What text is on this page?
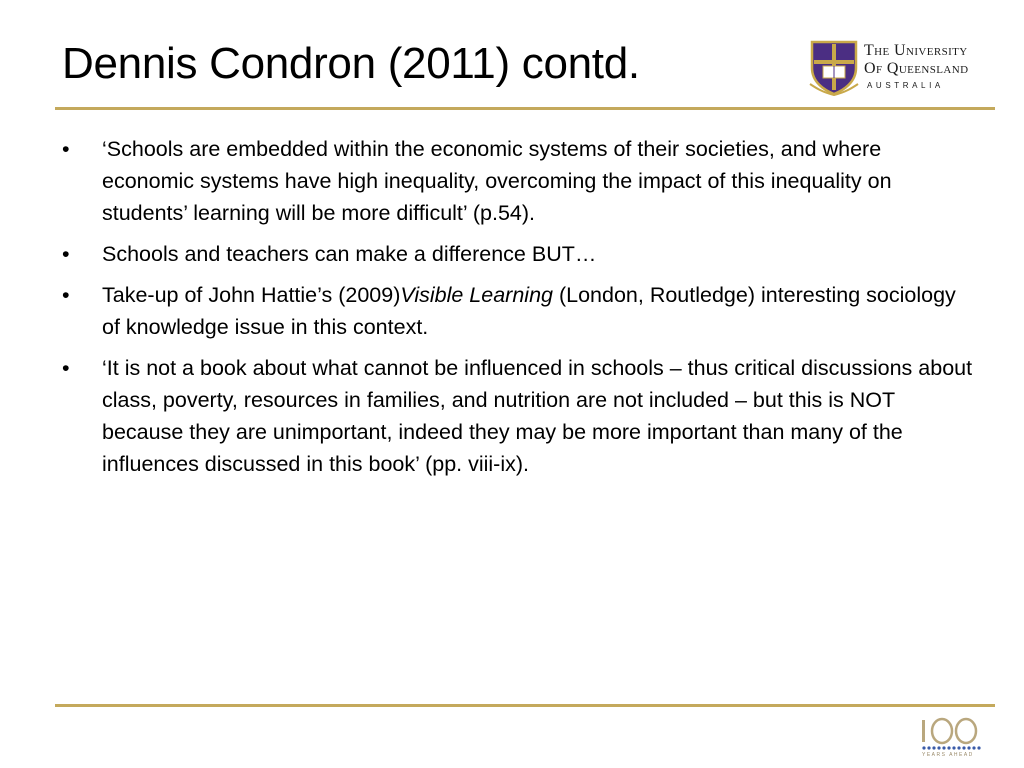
Dennis Condron (2011) contd.	The University
Of Queensland
AUSTRALIA
•	‘Schools are embedded within the economic systems of their societies, and where economic systems have high inequality, overcoming the impact of this inequality on students’ learning will be more difficult’ (p.54).
•	Schools and teachers can make a difference BUT…
•	Take-up of John Hattie’s (2009)Visible Learning (London, Routledge) interesting sociology of knowledge issue in this context.
•	‘It is not a book about what cannot be influenced in schools – thus critical discussions about class, poverty, resources in families, and nutrition are not included – but this is NOT because they are unimportant, indeed they may be more important than many of the influences discussed in this book’ (pp. viii-ix).
YEARS AHEAD
